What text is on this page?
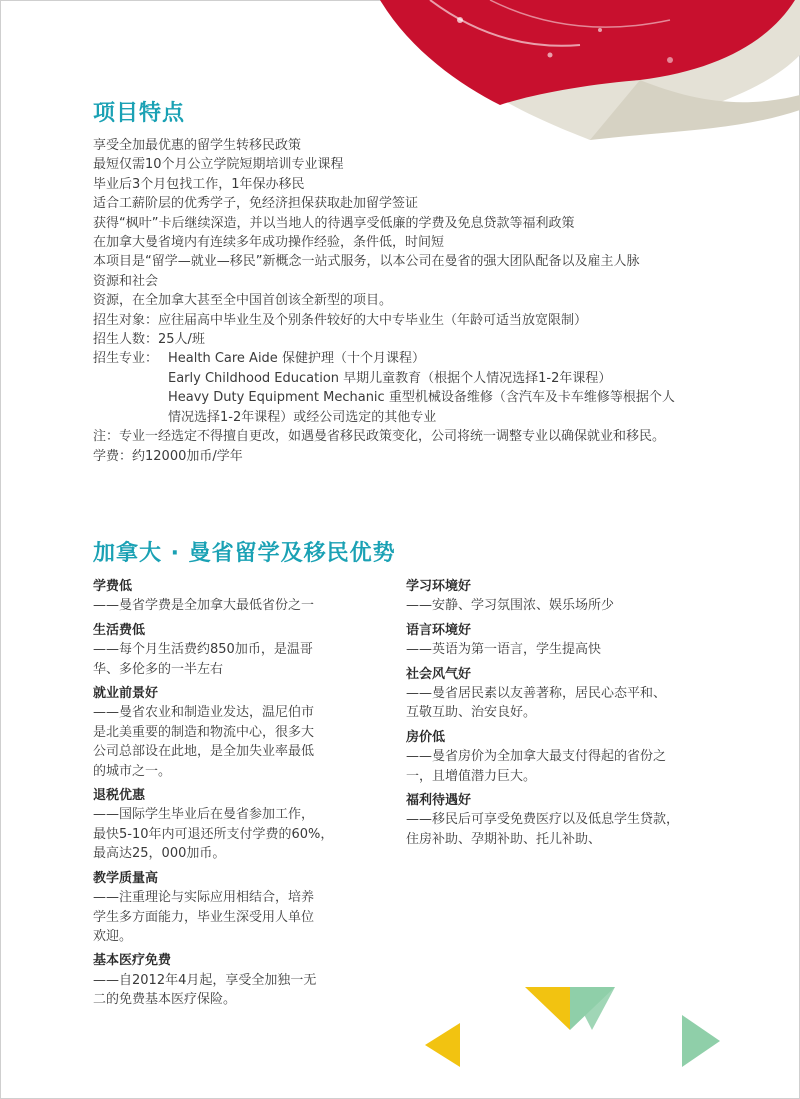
项目特点
享受全加最优惠的留学生转移民政策
最短仅需10个月公立学院短期培训专业课程
毕业后3个月包找工作，1年保办移民
适合工薪阶层的优秀学子，免经济担保获取赴加留学签证
获得“枫叶”卡后继续深造，并以当地人的待遇享受低廉的学费及免息贷款等福利政策
在加拿大曼省境内有连续多年成功操作经验，条件低，时间短
本项目是“留学—就业—移民”新概念一站式服务，以本公司在曼省的强大团队配备以及雇主人脉
资源和社会
资源，在全加拿大甚至全中国首创该全新型的项目。
招生对象：应往届高中毕业生及个别条件较好的大中专毕业生（年龄可适当放宽限制）
招生人数：25人/班
招生专业： Health Care Aide 保健护理（十个月课程）
Early Childhood Education 早期儿童教育（根据个人情况选择1-2年课程）
Heavy Duty Equipment Mechanic 重型机械设备维修（含汽车及卡车维修等根据个人
情况选择1-2年课程）或经公司选定的其他专业
注：专业一经选定不得擅自更改，如遇曼省移民政策变化，公司将统一调整专业以确保就业和移民。
学费：约12000加币/学年
加拿大 · 曼省留学及移民优势
学费低
——曼省学费是全加拿大最低省份之一
生活费低
——每个月生活费约850加币，是温哥
华、多伦多的一半左右
就业前景好
——曼省农业和制造业发达，温尼伯市
是北美重要的制造和物流中心，很多大
公司总部设在此地，是全加失业率最低
的城市之一。
退税优惠
——国际学生毕业后在曼省参加工作，
最快5-10年内可退还所支付学费的60%，
最高达25，000加币。
教学质量高
——注重理论与实际应用相结合，培养
学生多方面能力，毕业生深受用人单位
欢迎。
基本医疗免费
——自2012年4月起，享受全加独一无
二的免费基本医疗保险。
学习环境好
——安静、学习氛围浓、娱乐场所少
语言环境好
——英语为第一语言，学生提高快
社会风气好
——曼省居民素以友善著称，居民心态平和、
互敬互助、治安良好。
房价低
——曼省房价为全加拿大最支付得起的省份之
一，且增值潜力巨大。
福利待遇好
——移民后可享受免费医疗以及低息学生贷款，
住房补助、孕期补助、托儿补助、
